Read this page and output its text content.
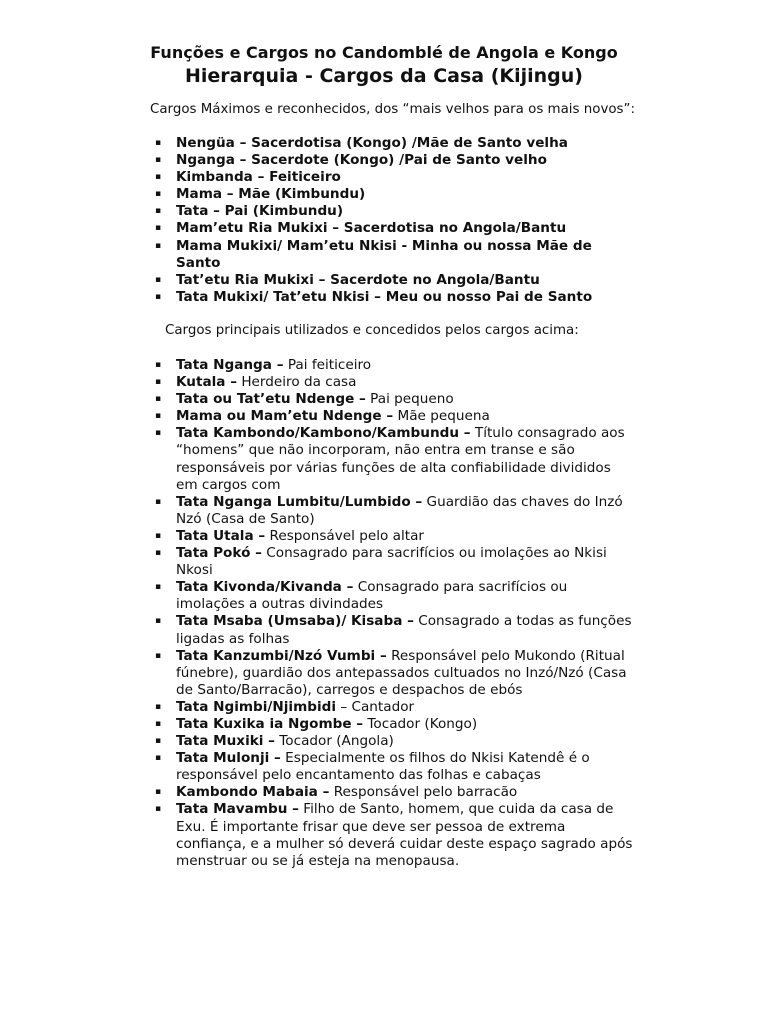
Funções e Cargos no Candomblé de Angola e Kongo
Hierarquia - Cargos da Casa (Kijingu)
Cargos Máximos e reconhecidos, dos “mais velhos para os mais novos”:
▪ Nengüa – Sacerdotisa (Kongo) /Mãe de Santo velha
▪ Nganga – Sacerdote (Kongo) /Pai de Santo velho
▪ Kimbanda – Feiticeiro
▪ Mama – Mãe (Kimbundu)
▪ Tata – Pai (Kimbundu)
▪ Mam’etu Ria Mukixi – Sacerdotisa no Angola/Bantu
▪ Mama Mukixi/ Mam’etu Nkisi - Minha ou nossa Mãe de Santo
▪ Tat’etu Ria Mukixi – Sacerdote no Angola/Bantu
▪ Tata Mukixi/ Tat’etu Nkisi – Meu ou nosso Pai de Santo
Cargos principais utilizados e concedidos pelos cargos acima:
▪ Tata Nganga – Pai feiticeiro
▪ Kutala – Herdeiro da casa
▪ Tata ou Tat’etu Ndenge – Pai pequeno
▪ Mama ou Mam’etu Ndenge – Mãe pequena
▪ Tata Kambondo/Kambono/Kambundu – Título consagrado aos “homens” que não incorporam, não entra em transe e são responsáveis por várias funções de alta confiabilidade divididos em cargos com
▪ Tata Nganga Lumbitu/Lumbido – Guardião das chaves do Inzó Nzó (Casa de Santo)
▪ Tata Utala – Responsável pelo altar
▪ Tata Pokó – Consagrado para sacrifícios ou imolações ao Nkisi Nkosi
▪ Tata Kivonda/Kivanda – Consagrado para sacrifícios ou imolações a outras divindades
▪ Tata Msaba (Umsaba)/ Kisaba – Consagrado a todas as funções ligadas as folhas
▪ Tata Kanzumbi/Nzó Vumbi – Responsável pelo Mukondo (Ritual fúnebre), guardião dos antepassados cultuados no Inzó/Nzó (Casa de Santo/Barracão), carregos e despachos de ebós
▪ Tata Ngimbi/Njimbidi – Cantador
▪ Tata Kuxika ia Ngombe – Tocador (Kongo)
▪ Tata Muxiki – Tocador (Angola)
▪ Tata Mulonji – Especialmente os filhos do Nkisi Katendê é o responsável pelo encantamento das folhas e cabaças
▪ Kambondo Mabaia – Responsável pelo barracão
▪ Tata Mavambu – Filho de Santo, homem, que cuida da casa de Exu. É importante frisar que deve ser pessoa de extrema confiança, e a mulher só deverá cuidar deste espaço sagrado após menstruar ou se já esteja na menopausa.
